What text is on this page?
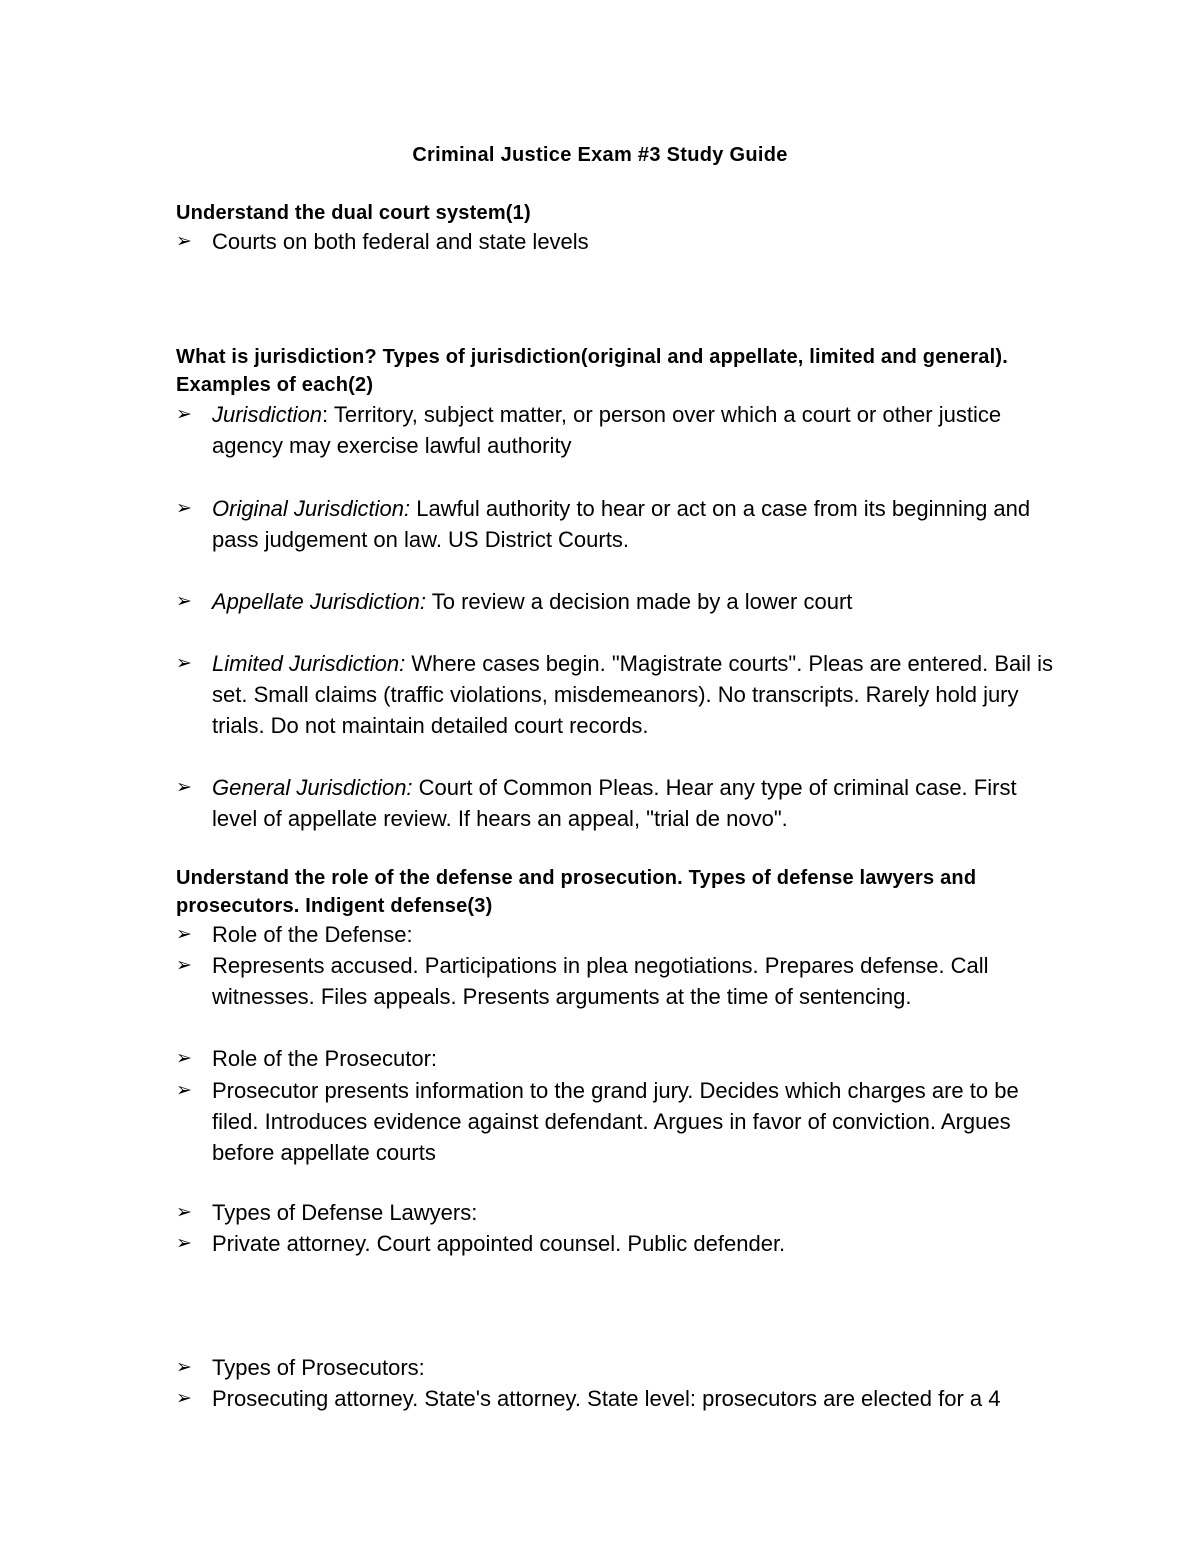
Criminal Justice Exam #3 Study Guide
Understand the dual court system(1)
➢ Courts on both federal and state levels
What is jurisdiction? Types of jurisdiction(original and appellate, limited and general).
Examples of each(2)
➢ Jurisdiction: Territory, subject matter, or person over which a court or other justice agency may exercise lawful authority
➢ Original Jurisdiction: Lawful authority to hear or act on a case from its beginning and pass judgement on law. US District Courts.
➢ Appellate Jurisdiction: To review a decision made by a lower court
➢ Limited Jurisdiction: Where cases begin. "Magistrate courts". Pleas are entered. Bail is set. Small claims (traffic violations, misdemeanors). No transcripts. Rarely hold jury trials. Do not maintain detailed court records.
➢ General Jurisdiction: Court of Common Pleas. Hear any type of criminal case. First level of appellate review. If hears an appeal, "trial de novo".
Understand the role of the defense and prosecution. Types of defense lawyers and
prosecutors. Indigent defense(3)
➢ Role of the Defense:
➢ Represents accused. Participations in plea negotiations. Prepares defense. Call witnesses. Files appeals. Presents arguments at the time of sentencing.
➢ Role of the Prosecutor:
➢ Prosecutor presents information to the grand jury. Decides which charges are to be filed. Introduces evidence against defendant. Argues in favor of conviction. Argues before appellate courts
➢ Types of Defense Lawyers:
➢ Private attorney. Court appointed counsel. Public defender.
➢ Types of Prosecutors:
➢ Prosecuting attorney. State's attorney. State level: prosecutors are elected for a 4
